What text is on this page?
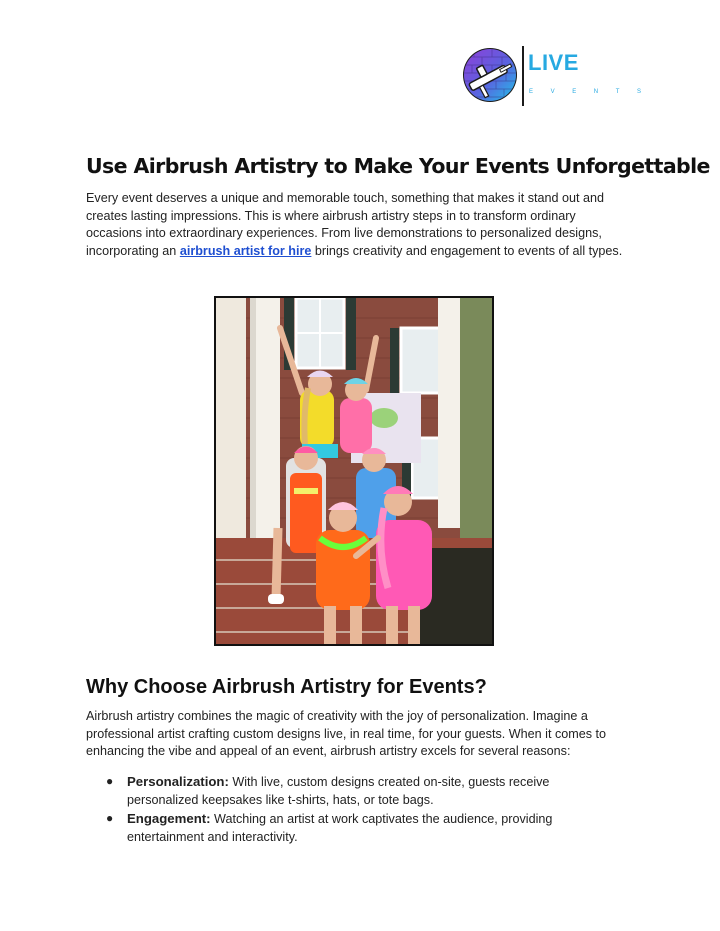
LIVE
E	V	E	N	T	S
Use Airbrush Artistry to Make Your Events Unforgettable

Every event deserves a unique and memorable touch, something that makes it stand out and creates lasting impressions. This is where airbrush artistry steps in to transform ordinary occasions into extraordinary experiences. From live demonstrations to personalized designs, incorporating an airbrush artist for hire brings creativity and engagement to events of all types.

Why Choose Airbrush Artistry for Events?

Airbrush artistry combines the magic of creativity with the joy of personalization. Imagine a professional artist crafting custom designs live, in real time, for your guests. When it comes to enhancing the vibe and appeal of an event, airbrush artistry excels for several reasons:

● Personalization: With live, custom designs created on-site, guests receive personalized keepsakes like t-shirts, hats, or tote bags.
● Engagement: Watching an artist at work captivates the audience, providing entertainment and interactivity.
